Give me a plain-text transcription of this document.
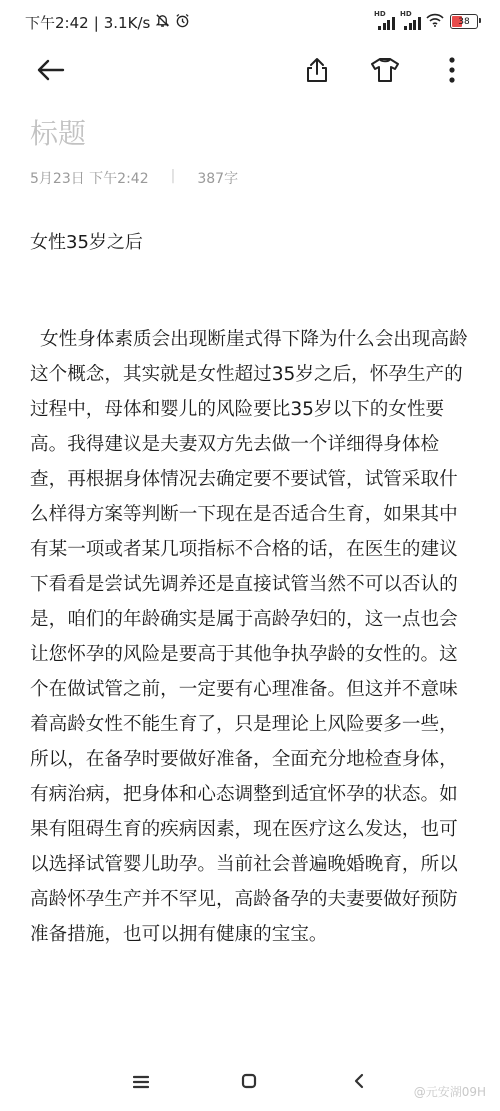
下午2:42 | 3.1K/s	HD HD
38
标题
5月23日 下午2:42 | 387字
女性35岁之后
女性身体素质会出现断崖式得下降为什么会出现高龄这个概念，其实就是女性超过35岁之后，怀孕生产的过程中，母体和婴儿的风险要比35岁以下的女性要高。我得建议是夫妻双方先去做一个详细得身体检查，再根据身体情况去确定要不要试管，试管采取什么样得方案等判断一下现在是否适合生育，如果其中有某一项或者某几项指标不合格的话，在医生的建议下看看是尝试先调养还是直接试管当然不可以否认的是，咱们的年龄确实是属于高龄孕妇的，这一点也会让您怀孕的风险是要高于其他争执孕龄的女性的。这个在做试管之前，一定要有心理准备。但这并不意味着高龄女性不能生育了，只是理论上风险要多一些，所以，在备孕时要做好准备，全面充分地检查身体，有病治病，把身体和心态调整到适宜怀孕的状态。如果有阻碍生育的疾病因素，现在医疗这么发达，也可以选择试管婴儿助孕。当前社会普遍晚婚晚育，所以高龄怀孕生产并不罕见，高龄备孕的夫妻要做好预防准备措施，也可以拥有健康的宝宝。
@元安湖09H
